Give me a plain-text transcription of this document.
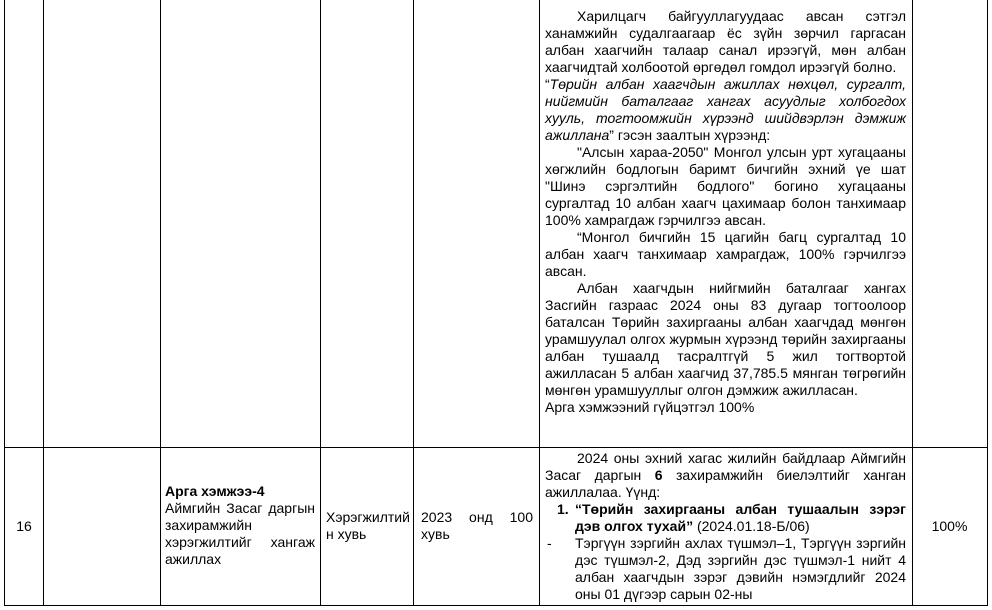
Харилцагч байгууллагуудаас авсан сэтгэл ханамжийн судалгаагаар ёс зүйн зөрчил гаргасан албан хаагчийн талаар санал ирээгүй, мөн албан хаагчидтай холбоотой өргөдөл гомдол ирээгүй болно.

“Төрийн албан хаагчдын ажиллах нөхцөл, сургалт, нийгмийн баталгааг хангах асуудлыг холбогдох хууль, тогтоомжийн хүрээнд шийдвэрлэн дэмжиж ажиллана” гэсэн заалтын хүрээнд:

"Алсын хараа-2050" Монгол улсын урт хугацааны хөгжлийн бодлогын баримт бичгийн эхний үе шат "Шинэ сэргэлтийн бодлого" богино хугацааны сургалтад 10 албан хаагч цахимаар болон танхимаар 100% хамрагдаж гэрчилгээ авсан.

“Монгол бичгийн 15 цагийн багц сургалтад 10 албан хаагч танхимаар хамрагдаж, 100% гэрчилгээ авсан.

Албан хаагчдын нийгмийн баталгааг хангах Засгийн газраас 2024 оны 83 дугаар тогтоолоор баталсан Төрийн захиргааны албан хаагчдад мөнгөн урамшуулал олгох журмын хүрээнд төрийн захиргааны албан тушаалд тасралтгүй 5 жил тогтвортой ажилласан 5 албан хаагчид 37,785.5 мянган төгрөгийн мөнгөн урамшууллыг олгон дэмжиж ажилласан.

Арга хэмжээний гүйцэтгэл 100%

16

Арга хэмжээ-4

Аймгийн Засаг даргын захирамжийн хэрэгжилтийг хангаж ажиллах

Хэрэгжилтийн хувь

2023 онд 100 хувь

2024 оны эхний хагас жилийн байдлаар Аймгийн Засаг даргын 6 захирамжийн биелэлтийг ханган ажиллалаа. Үүнд:

1. “Төрийн захиргааны албан тушаалын зэрэг дэв олгох тухай” (2024.01.18-Б/06)

- Тэргүүн зэргийн ахлах түшмэл–1, Тэргүүн зэргийн дэс түшмэл-2, Дэд зэргийн дэс түшмэл-1 нийт 4 албан хаагчдын зэрэг дэвийн нэмэгдлийг 2024 оны 01 дүгээр сарын 02-ны

100%
